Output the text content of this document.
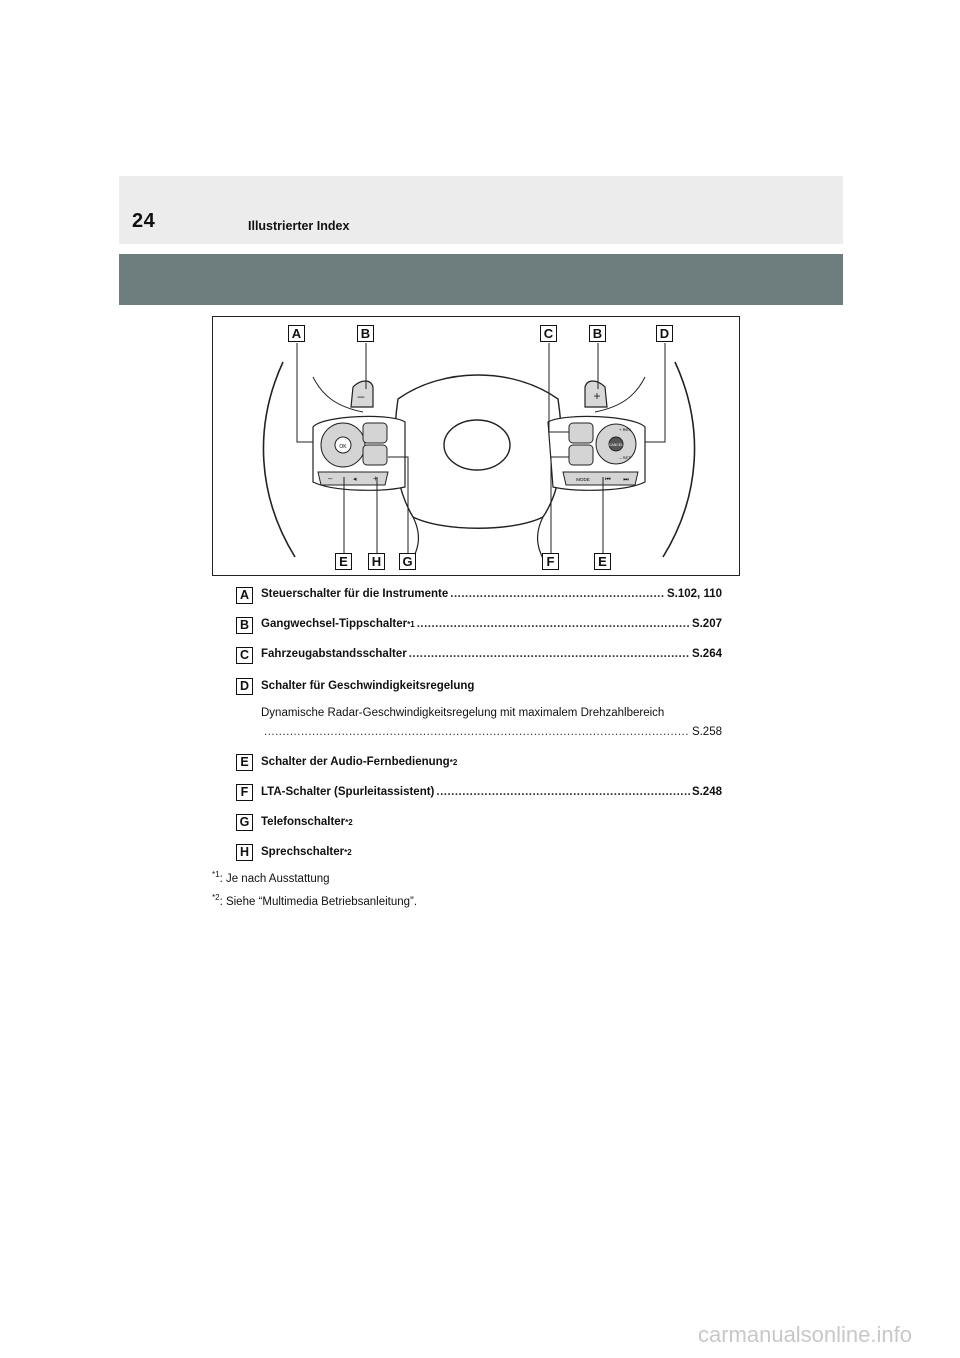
24	Illustrierter Index
–	+
OK
–	◂ +
+ RES
– SET
CANCEL
MODE	⏮ ⏭
A	B	C	B	D
E	H G	F	E
A	Steuerschalter für die Instrumente .....	S.102, 110
B	Gangwechsel-Tippschalter *1 .....	S.207
C	Fahrzeugabstandsschalter .....	S.264
D	Schalter für Geschwindigkeitsregelung
Dynamische Radar-Geschwindigkeitsregelung mit maximalem Drehzahlbereich
.....
S.258
E	Schalter der Audio-Fernbedienung *2
F	LTA-Schalter (Spurleitassistent) .....	S.248
G	Telefonschalter *2
H	Sprechschalter *2
$^{*1}$: Je nach Ausstattung
$^{*2}$: Siehe “Multimedia Betriebsanleitung”.
carmanualsonline.info
